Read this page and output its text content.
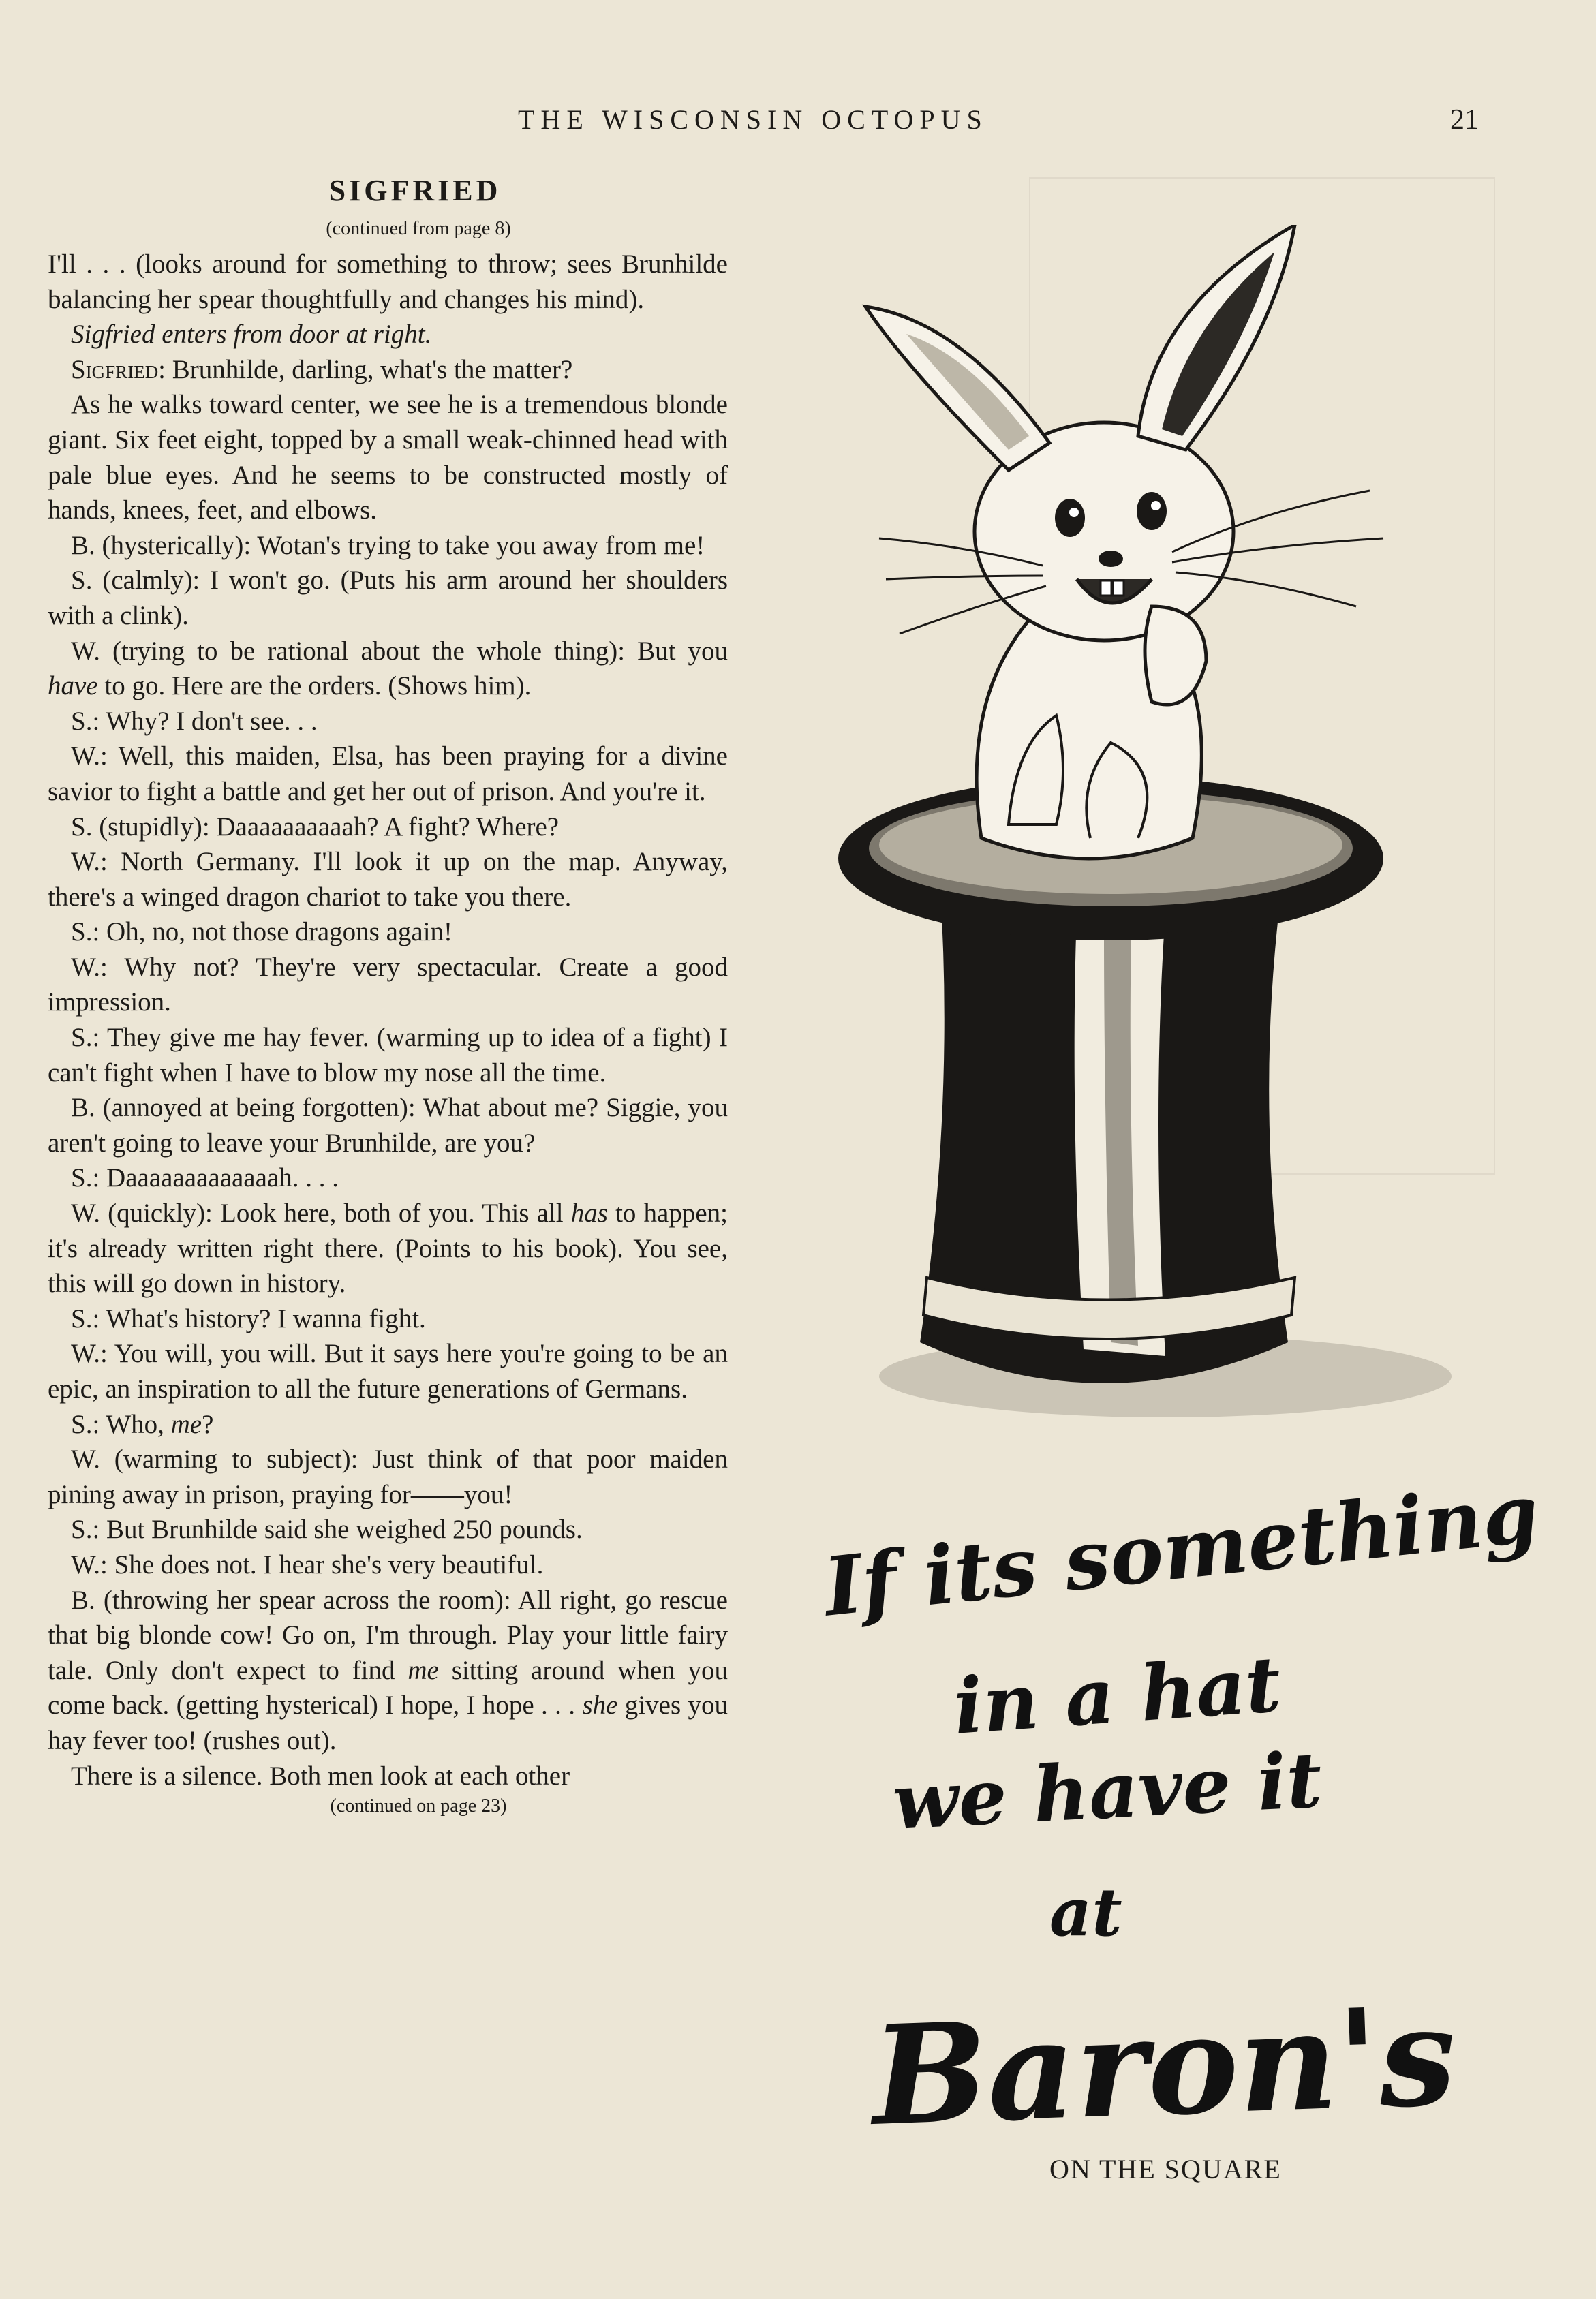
THE WISCONSIN OCTOPUS	21
SIGFRIED
(continued from page 8)

I'll . . . (looks around for something to throw; sees Brunhilde balancing her spear thoughtfully and changes his mind).

Sigfried enters from door at right.

Sigfried: Brunhilde, darling, what's the matter?

As he walks toward center, we see he is a tremendous blonde giant. Six feet eight, topped by a small weak-chinned head with pale blue eyes. And he seems to be constructed mostly of hands, knees, feet, and elbows.

B. (hysterically): Wotan's trying to take you away from me!

S. (calmly): I won't go. (Puts his arm around her shoulders with a clink).

W. (trying to be rational about the whole thing): But you have to go. Here are the orders. (Shows him).

S.: Why? I don't see. . .

W.: Well, this maiden, Elsa, has been praying for a divine savior to fight a battle and get her out of prison. And you're it.

S. (stupidly): Daaaaaaaaaah? A fight? Where?

W.: North Germany. I'll look it up on the map. Anyway, there's a winged dragon chariot to take you there.

S.: Oh, no, not those dragons again!

W.: Why not? They're very spectacular. Create a good impression.

S.: They give me hay fever. (warming up to idea of a fight) I can't fight when I have to blow my nose all the time.

B. (annoyed at being forgotten): What about me? Siggie, you aren't going to leave your Brunhilde, are you?

S.: Daaaaaaaaaaaaah. . . .

W. (quickly): Look here, both of you. This all has to happen; it's already written right there. (Points to his book). You see, this will go down in history.

S.: What's history? I wanna fight.

W.: You will, you will. But it says here you're going to be an epic, an inspiration to all the future generations of Germans.

S.: Who, me?

W. (warming to subject): Just think of that poor maiden pining away in prison, praying for——you!

S.: But Brunhilde said she weighed 250 pounds.

W.: She does not. I hear she's very beautiful.

B. (throwing her spear across the room): All right, go rescue that big blonde cow! Go on, I'm through. Play your little fairy tale. Only don't expect to find me sitting around when you come back. (getting hysterical) I hope, I hope . . . she gives you hay fever too! (rushes out).

There is a silence. Both men look at each other

(continued on page 23)
If its something
in a hat
we have it
at
Baron's
ON THE SQUARE
